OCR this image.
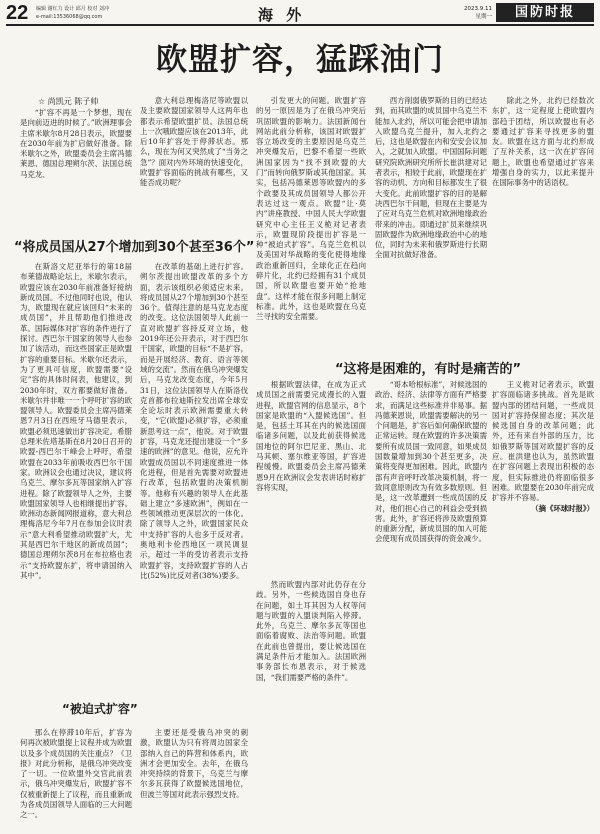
22 编辑 谢红力 设计 邱月 校对 刘冲
e-mail:13536068@qq.com	海 外	2023.9.11
星期一	国防时报
欧盟扩容，猛踩油门
☆ 尚凯元 陈子帅

“扩容不再是一个梦想，现在是向前迈进的时候了。”欧洲理事会主席米歇尔8月28日表示，欧盟要在2030年前为扩启做好准备。除米歇尔之外，欧盟委员会主席冯德莱恩、德国总理朔尔茨、法国总统马克龙、

意大利总理梅洛尼等欧盟以及主要欧盟国家领导人这两年也都表示希望欧盟扩员。法国总统上一次哦欧盟应该在2013年，此后10年扩容处于停滞状态。那么，现在为何又突然成了“当务之急”？面对内外环境的快速变化，欧盟扩容面临的挑战有哪些，又能否成功呢？

引发更大的问题。欧盟扩容的另一原因是为了在俄乌冲突后巩固欧盟的影响力。法国新闻台网站此前分析称，该国对欧盟扩容立场改变的主要原因是乌克兰冲突爆发后，巴黎不希望一些欧洲国家因为“找不到欧盟的大门”而转向俄罗斯或其他国家。其实，包括冯德莱恩等欧盟内的多个政要及其成员国领导人都公开表达过这一观点。欧盟“让·莫内”讲座教授、中国人民大学欧盟研究中心主任王义桅对记者表示，欧盟现阶段提出扩容是一种“被迫式扩容”。乌克兰危机以及美国对华战略的变化使得地缘政治重新回归，全球化正在趋向碎片化，北约已经拥有31个成员国，所以欧盟也要开始“抢地盘”。这样才能在很多问题上制定标准。此外，这也是欧盟在乌克兰寻找的安全需要。

西方削弱俄罗斯的目的已经达到，而其欧盟的成员国中乌克兰不能加入北约，所以可能会把申请加入欧盟乌克兰提升，加入北约之后，这也是欧盟在内和安安会议加入，之就加入欧盟。中国国际问题研究院欧洲研究所所长崔洪建对记者表示，相较于此前，欧盟现在扩容的动机、方向和目标都发生了很大变化。此前欧盟扩容的目的是解决西巴尔干问题，但现在主要是为了应对乌克兰危机对欧洲地缘政治带来的冲击。即通过扩员来继续巩固欧盟作为欧洲地缘政治中心的地位，同时为未来和俄罗斯进行长期全面对抗做好准备。

除此之外，北约已经数次东扩，这一定程度上使欧盟内部趋于团结，所以欧盟也有必要通过扩容来寻找更多的盟友。欧盟在这方面与北约形成了互补关系，这一次在扩容问题上，欧盟也希望通过扩容来增强自身的实力，以此来提升在国际事务中的话语权。

“将成员国从27个增加到30个甚至36个”

在斯洛文尼亚举行的第18届布莱德战略论坛上，米歇尔表示，欧盟应该在2030年前准备好接纳新成员国。不过他同时也说，他认为，欧盟现在就应该回归“未来的成员国”，并且帮助他们推进改革。国际媒体对扩容的条件进行了探讨。西巴尔干国家的领导人也参加了该活动，而这些国家正是欧盟扩容的重要目标。米歇尔还表示，为了更具可信度，欧盟需要“设定”容的具体时间表，他建议，到2030年时，双方都要做好准备。米歇尔并非唯一一个呼吁扩容的欧盟领导人。欧盟委员会主席冯德莱恩7月3日在西班牙马德里表示，欧盟必须迅速做出扩容决定。希腊总理米佐塔基斯在8月20日召开的欧盟-西巴尔干峰会上呼吁，希望欧盟在2033年前吸收西巴尔干国家。欧洲议会也通过决议，建议将乌克兰、摩尔多瓦等国家纳入扩容进程。除了欧盟领导人之外，主要欧盟国家领导人也相继提出扩容。欧洲动态新闻网报道称，意大利总理梅洛尼今年7月在参加会议时表示“意大利希望推动欧盟扩大，尤其是西巴尔干地区的新成员国”；德国总理朔尔茨8月在布拉格也表示“支持欧盟东扩，将申请国纳入其中”。

在改革的基础上进行扩容。朔尔茨提出欧盟改革的多个方面，表示该组织必须适应未来。将成员国从27个增加到30个甚至36个。值得注意的是马克龙态度的改变。这位法国领导人此前一直对欧盟扩容持反对立场，他2019年还公开表示，对于西巴尔干国家，欧盟的目标“不是扩容，而是开展经济、教育、语言等领域的交流”。然而在俄乌冲突爆发后，马克龙改变态度，今年5月31日，这位法国领导人在斯洛伐克首都布拉迪斯拉发出席全球安全论坛时表示欧洲需要重大转变，“它(欧盟)必须扩容，必须重新思考这一点”，他说。对于欧盟扩容，马克龙还提出建设一个“多速的欧洲”的意见。他说，应允许欧盟成员国以不同速度推进一体化进程，但是首先需要对欧盟进行改革，包括欧盟的决策机制等。他称有兴趣的领导人在此基础上建立“多速欧洲”，例如在一些领域推动更深层次的一体化。除了领导人之外，欧盟国家民众中支持扩容的人也多于反对者。奥地利卡伦西地区一项民调显示，超过一半的受访者表示支持欧盟扩容，支持欧盟扩容的人占比(52%)比反对者(38%)要多。

“这将是困难的，有时是痛苦的”

根据欧盟法律，在成为正式成员国之前需要完成漫长的入盟进程，欧盟官网的信息显示，8个国家是欧盟的“入盟候选国”。但是，包括土耳其在内的候选国面临诸多问题，以及此前获得候选国地位的阿尔巴尼亚、黑山、北马其顿、塞尔维亚等国，扩容进程缓慢。欧盟委员会主席冯德莱恩9月在欧洲议会发表讲话时称扩容将实现，

然而欧盟内部对此仍存在分歧。另外，一些候选国自身也存在问题，如土耳其因为人权等问题与欧盟的入盟谈判陷入停滞。此外，乌克兰、摩尔多瓦等国也面临着腐败、法治等问题。欧盟在此前也曾提出，要让候选国在满足条件后才能加入。法国欧洲事务部长布恩表示，对于候选国，“我们需要严格的条件”。

“哥本哈根标准”，对候选国的政治、经济、法律等方面有严格要求，而满足这些标准并非易事。据冯德莱恩说，欧盟需要解决的另一个问题是，扩容后如何确保欧盟的正常运转。现在欧盟的许多决策需要所有成员国一致同意，如果成员国数量增加到30个甚至更多，决策将变得更加困难。因此，欧盟内部有声音呼吁改革决策机制，将一致同意原则改为有效多数原则。但是，这一改革遭到一些成员国的反对，他们担心自己的利益会受到损害。此外，扩容还将涉及欧盟预算的重新分配，新成员国的加入可能会使现有成员国获得的资金减少。

王义桅对记者表示，欧盟扩容面临诸多挑战。首先是欧盟内部的团结问题，一些成员国对扩容持保留态度；其次是候选国自身的改革问题；此外，还有来自外部的压力，比如俄罗斯等国对欧盟扩容的反应。崔洪建也认为，虽然欧盟在扩容问题上表现出积极的态度，但实际推进仍将面临很多困难。欧盟要在2030年前完成扩容并不容易。

（摘《环球时报》）

“被迫式扩容”

那么在停滞10年后，扩容为何再次被欧盟提上议程并成为欧盟以及多个成员国的关注重点？《卫报》对此分析称，是俄乌冲突改变了一切。一位欧盟外交官此前表示，俄乌冲突爆发后，欧盟扩容不仅被重新提上了议程，而且重新成为各成员国领导人面临的三大问题之一。

主要还是受俄乌冲突的刺激，欧盟认为只有将周边国家全部纳入自己的阵营和体系内，欧洲才会更加安全。去年，在俄乌冲突持续的背景下，乌克兰与摩尔多瓦获得了欧盟候选国地位，但波兰等国对此表示强烈支持。
